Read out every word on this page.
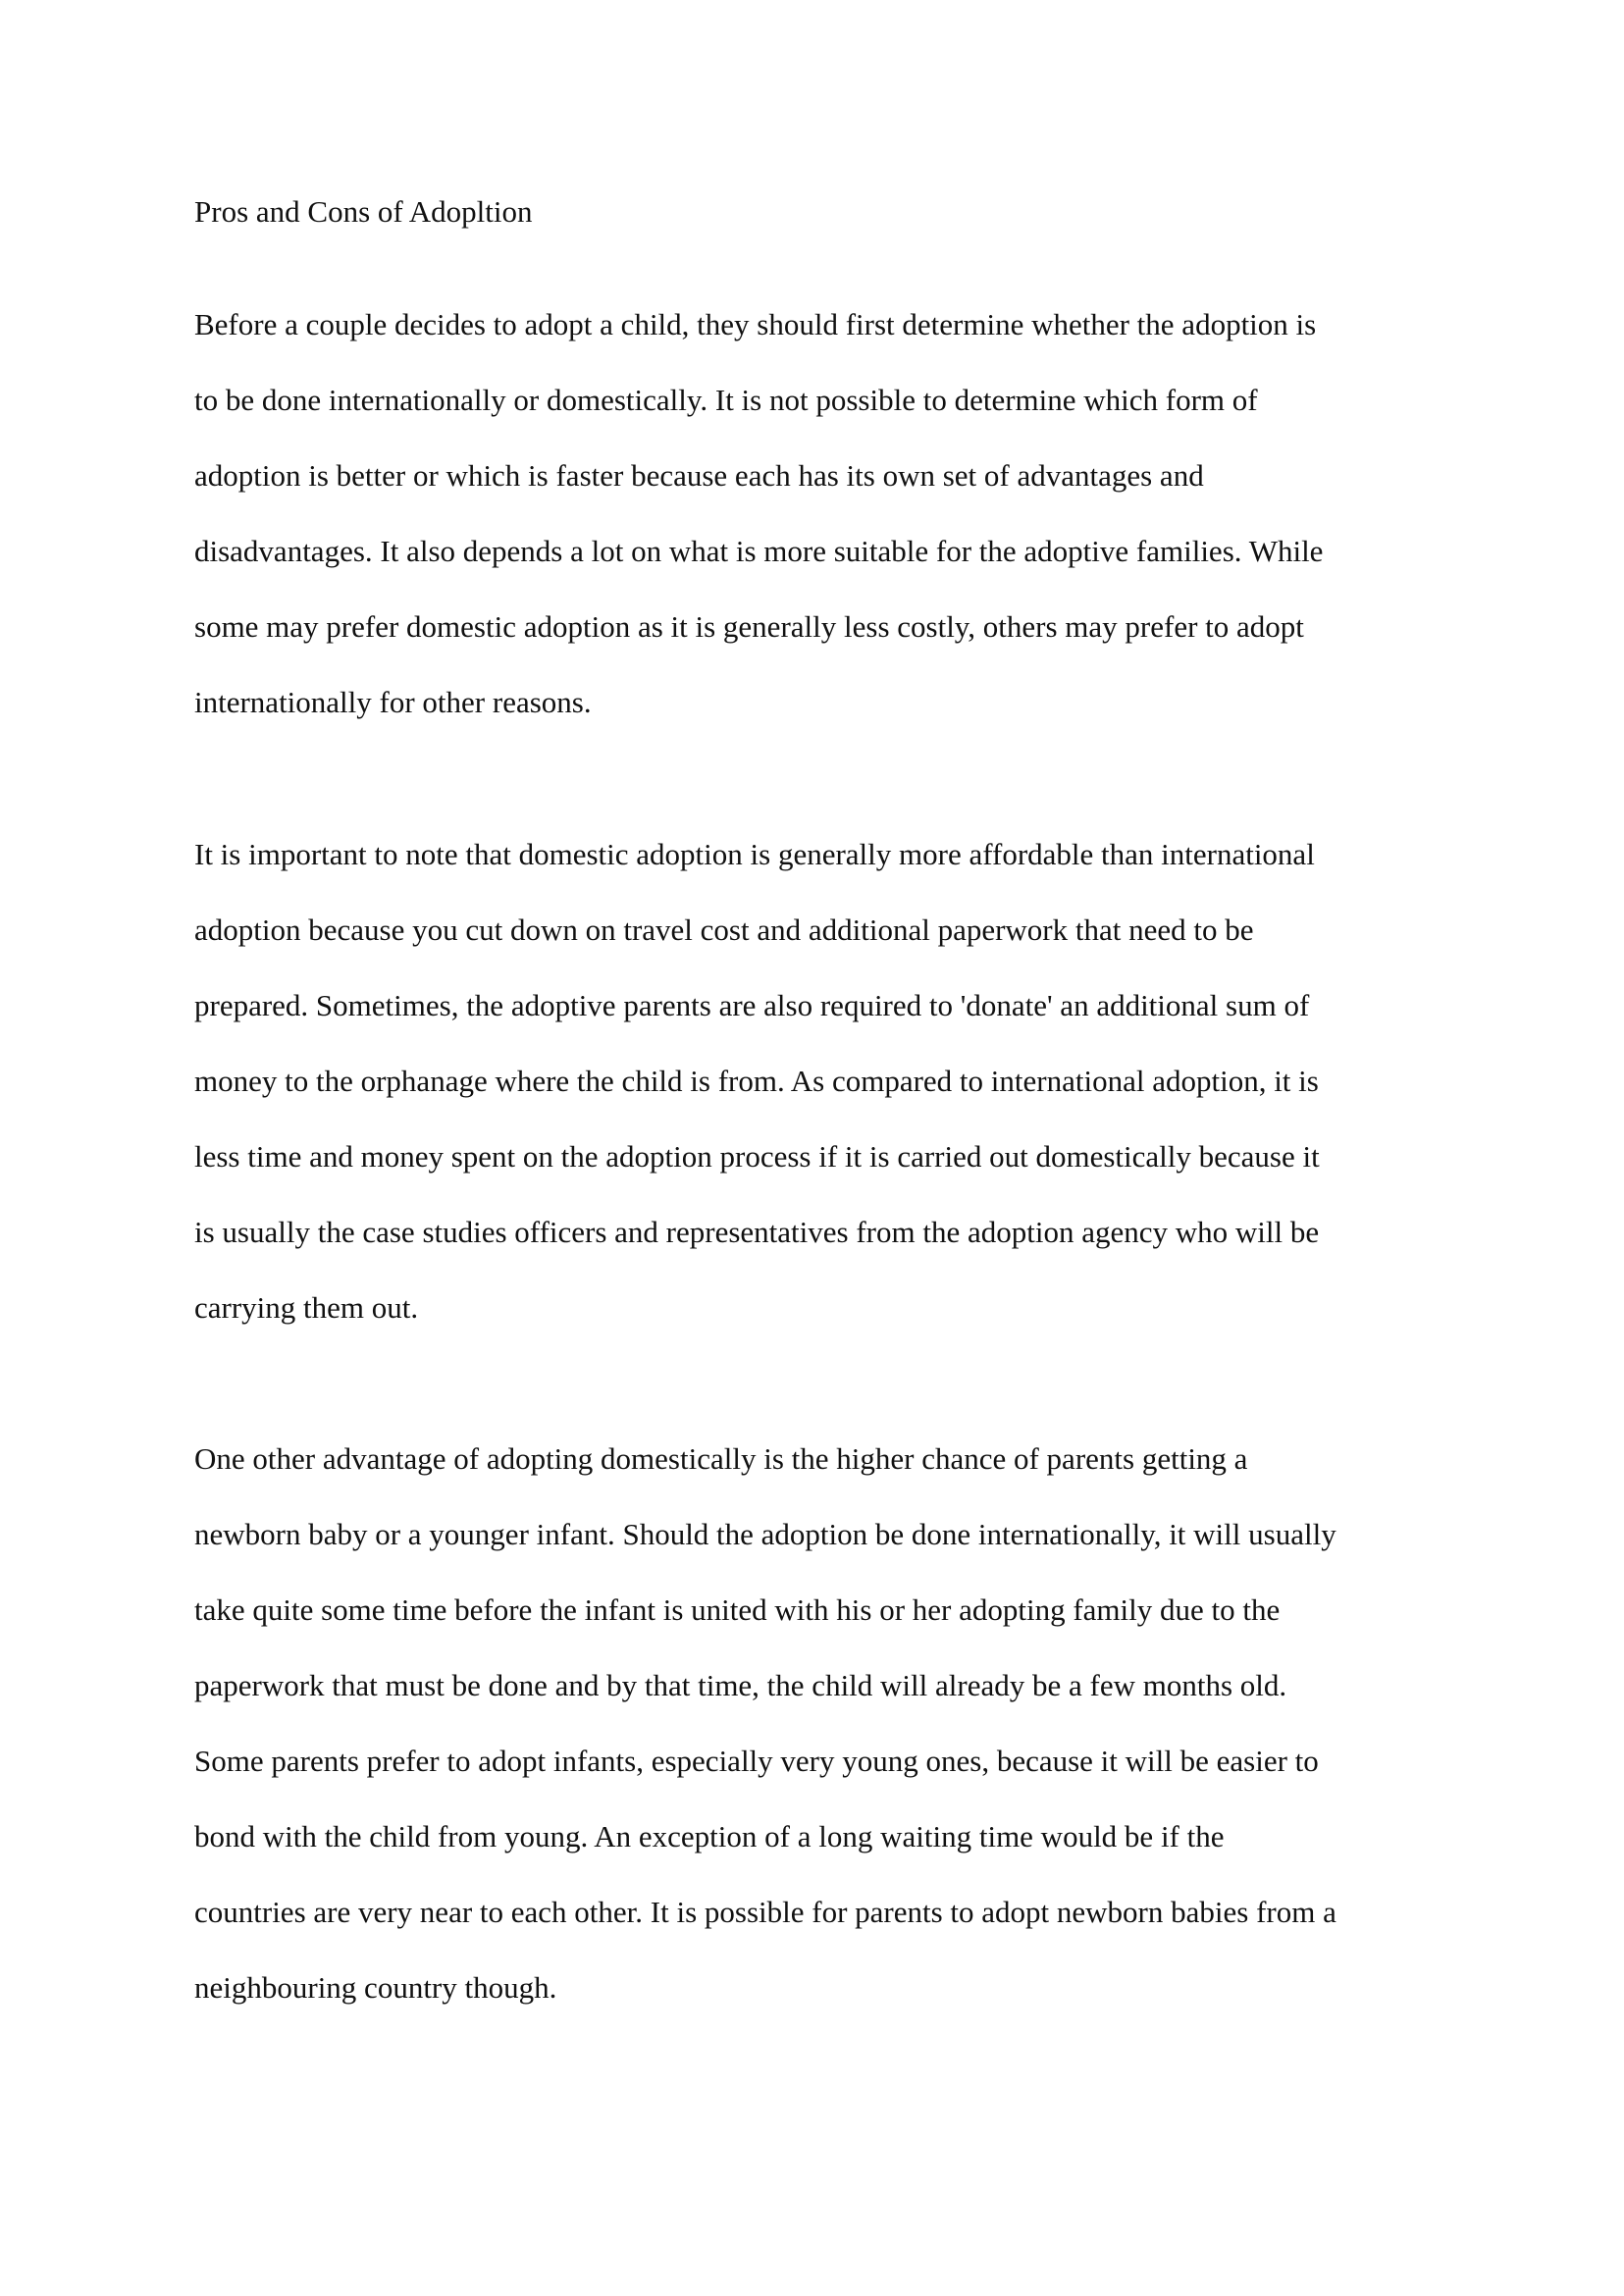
Pros and Cons of Adopltion
Before a couple decides to adopt a child, they should first determine whether the adoption is
to be done internationally or domestically. It is not possible to determine which form of
adoption is better or which is faster because each has its own set of advantages and
disadvantages. It also depends a lot on what is more suitable for the adoptive families. While
some may prefer domestic adoption as it is generally less costly, others may prefer to adopt
internationally for other reasons.
It is important to note that domestic adoption is generally more affordable than international
adoption because you cut down on travel cost and additional paperwork that need to be
prepared. Sometimes, the adoptive parents are also required to 'donate' an additional sum of
money to the orphanage where the child is from. As compared to international adoption, it is
less time and money spent on the adoption process if it is carried out domestically because it
is usually the case studies officers and representatives from the adoption agency who will be
carrying them out.
One other advantage of adopting domestically is the higher chance of parents getting a
newborn baby or a younger infant. Should the adoption be done internationally, it will usually
take quite some time before the infant is united with his or her adopting family due to the
paperwork that must be done and by that time, the child will already be a few months old.
Some parents prefer to adopt infants, especially very young ones, because it will be easier to
bond with the child from young. An exception of a long waiting time would be if the
countries are very near to each other. It is possible for parents to adopt newborn babies from a
neighbouring country though.
